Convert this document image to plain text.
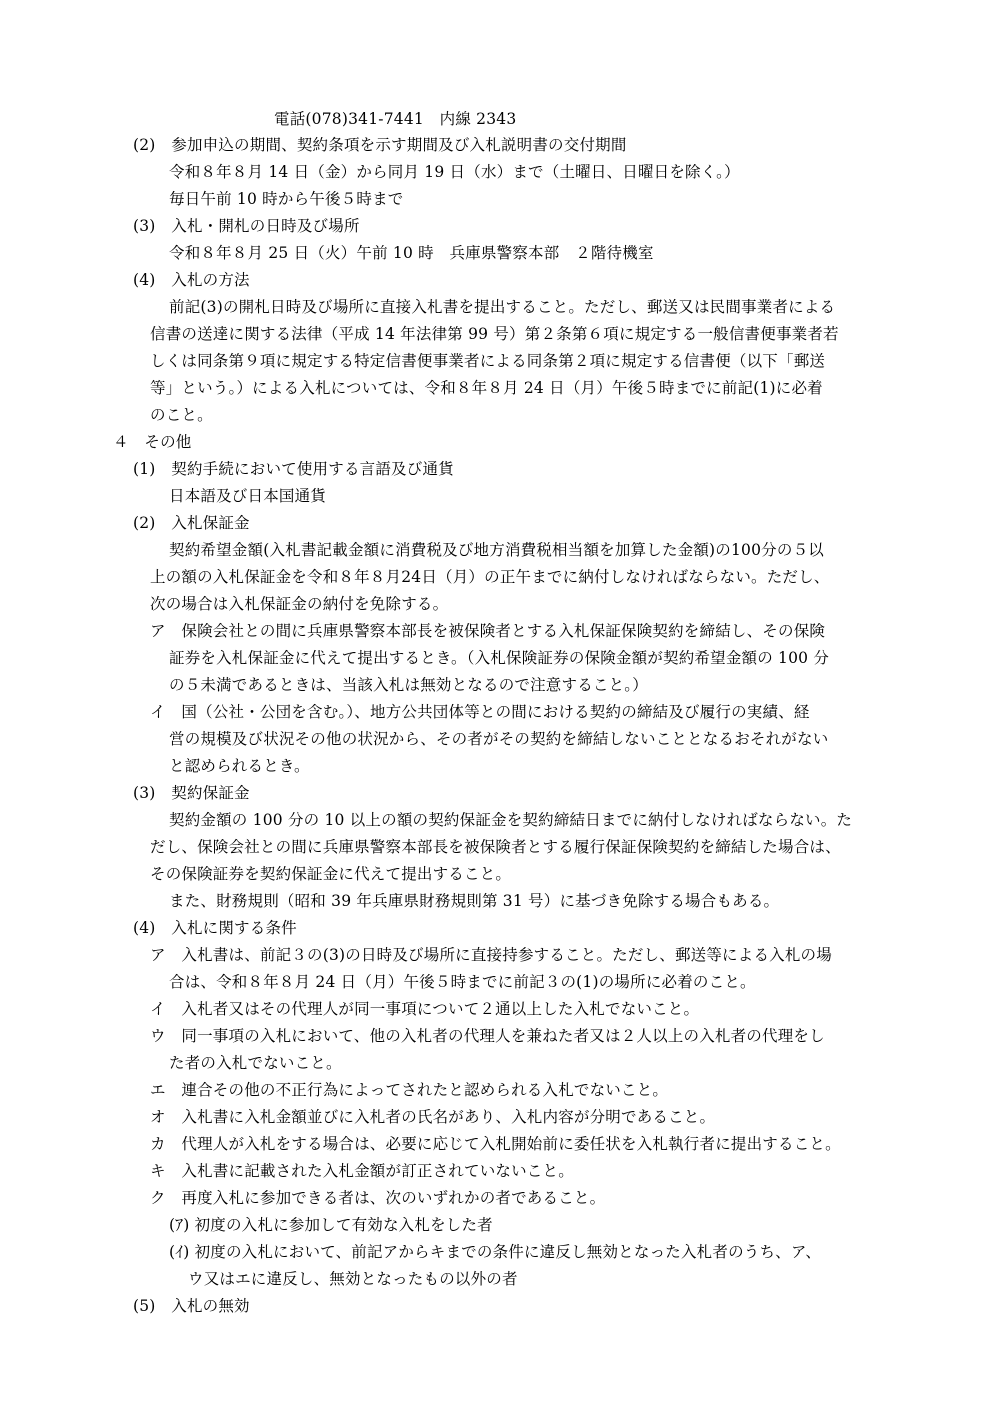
電話(078)341-7441　内線 2343
(2)　参加申込の期間、契約条項を示す期間及び入札説明書の交付期間
令和８年８月 14 日（金）から同月 19 日（水）まで（土曜日、日曜日を除く。）
毎日午前 10 時から午後５時まで
(3)　入札・開札の日時及び場所
令和８年８月 25 日（火）午前 10 時　兵庫県警察本部　２階待機室
(4)　入札の方法
前記(3)の開札日時及び場所に直接入札書を提出すること。ただし、郵送又は民間事業者による
信書の送達に関する法律（平成 14 年法律第 99 号）第２条第６項に規定する一般信書便事業者若
しくは同条第９項に規定する特定信書便事業者による同条第２項に規定する信書便（以下「郵送
等」という。）による入札については、令和８年８月 24 日（月）午後５時までに前記(1)に必着
のこと。
４　その他
(1)　契約手続において使用する言語及び通貨
日本語及び日本国通貨
(2)　入札保証金
契約希望金額(入札書記載金額に消費税及び地方消費税相当額を加算した金額)の100分の５以
上の額の入札保証金を令和８年８月24日（月）の正午までに納付しなければならない。ただし、
次の場合は入札保証金の納付を免除する。
ア　保険会社との間に兵庫県警察本部長を被保険者とする入札保証保険契約を締結し、その保険
証券を入札保証金に代えて提出するとき。（入札保険証券の保険金額が契約希望金額の 100 分
の５未満であるときは、当該入札は無効となるので注意すること。）
イ　国（公社・公団を含む。）、地方公共団体等との間における契約の締結及び履行の実績、経
営の規模及び状況その他の状況から、その者がその契約を締結しないこととなるおそれがない
と認められるとき。
(3)　契約保証金
契約金額の 100 分の 10 以上の額の契約保証金を契約締結日までに納付しなければならない。た
だし、保険会社との間に兵庫県警察本部長を被保険者とする履行保証保険契約を締結した場合は、
その保険証券を契約保証金に代えて提出すること。
また、財務規則（昭和 39 年兵庫県財務規則第 31 号）に基づき免除する場合もある。
(4)　入札に関する条件
ア　入札書は、前記３の(3)の日時及び場所に直接持参すること。ただし、郵送等による入札の場
合は、令和８年８月 24 日（月）午後５時までに前記３の(1)の場所に必着のこと。
イ　入札者又はその代理人が同一事項について２通以上した入札でないこと。
ウ　同一事項の入札において、他の入札者の代理人を兼ねた者又は２人以上の入札者の代理をし
た者の入札でないこと。
エ　連合その他の不正行為によってされたと認められる入札でないこと。
オ　入札書に入札金額並びに入札者の氏名があり、入札内容が分明であること。
カ　代理人が入札をする場合は、必要に応じて入札開始前に委任状を入札執行者に提出すること。
キ　入札書に記載された入札金額が訂正されていないこと。
ク　再度入札に参加できる者は、次のいずれかの者であること。
(ｱ) 初度の入札に参加して有効な入札をした者
(ｲ) 初度の入札において、前記アからキまでの条件に違反し無効となった入札者のうち、ア、
ウ又はエに違反し、無効となったもの以外の者
(5)　入札の無効
